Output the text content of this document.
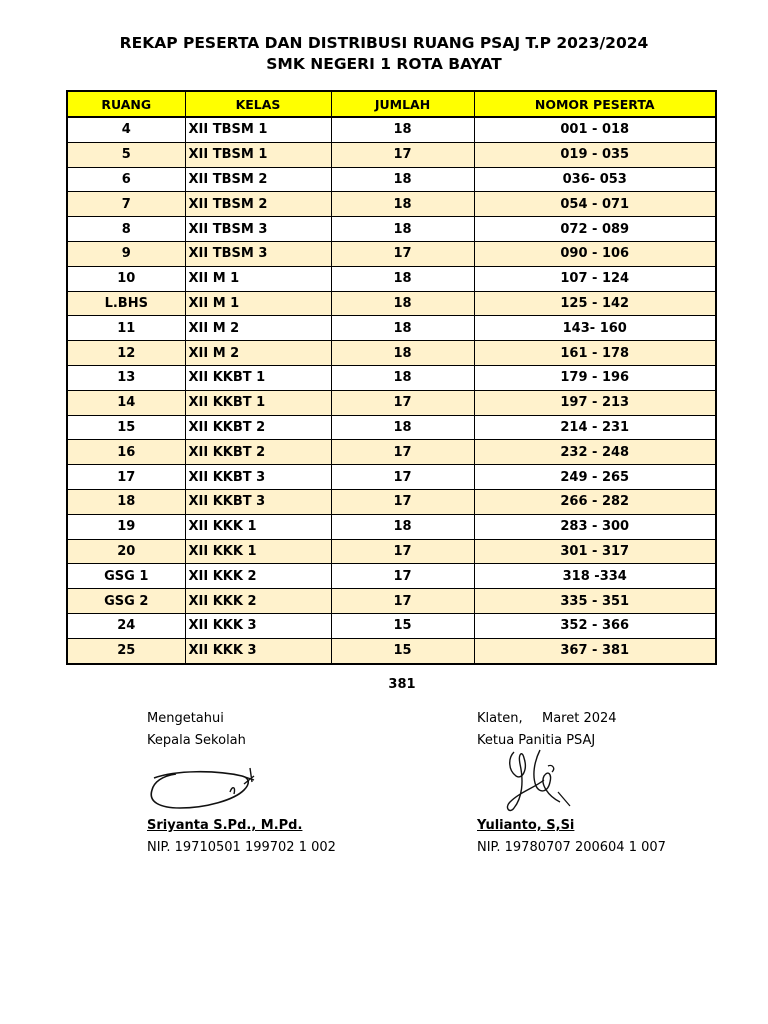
REKAP PESERTA DAN DISTRIBUSI RUANG PSAJ T.P 2023/2024
SMK NEGERI 1 ROTA BAYAT
RUANG	KELAS	JUMLAH	NOMOR PESERTA
4	XII TBSM 1	18	001 - 018
5	XII TBSM 1	17	019 - 035
6	XII TBSM 2	18	036- 053
7	XII TBSM 2	18	054 - 071
8	XII TBSM 3	18	072 - 089
9	XII TBSM 3	17	090 - 106
10	XII M 1	18	107 - 124
L.BHS	XII M 1	18	125 - 142
11	XII M 2	18	143- 160
12	XII M 2	18	161 - 178
13	XII KKBT 1	18	179 - 196
14	XII KKBT 1	17	197 - 213
15	XII KKBT 2	18	214 - 231
16	XII KKBT 2	17	232 - 248
17	XII KKBT 3	17	249 - 265
18	XII KKBT 3	17	266 - 282
19	XII KKK 1	18	283 - 300
20	XII KKK 1	17	301 - 317
GSG 1	XII KKK 2	17	318 -334
GSG 2	XII KKK 2	17	335 - 351
24	XII KKK 3	15	352 - 366
25	XII KKK 3	15	367 - 381
381
Mengetahui
Kepala Sekolah
Sriyanta S.Pd., M.Pd.
NIP. 19710501 199702 1 002
Klaten, Maret 2024
Ketua Panitia PSAJ
Yulianto, S,Si
NIP. 19780707 200604 1 007
